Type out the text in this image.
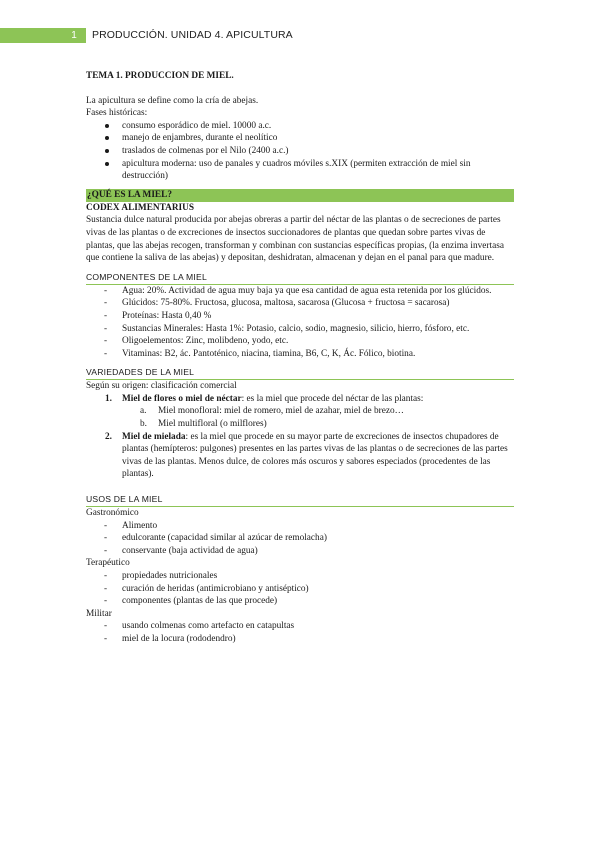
1	PRODUCCIÓN. UNIDAD 4. APICULTURA

TEMA 1. PRODUCCION DE MIEL.

La apicultura se define como la cría de abejas.

Fases históricas:

consumo esporádico de miel. 10000 a.c.
manejo de enjambres, durante el neolítico
traslados de colmenas por el Nilo (2400 a.c.)
apicultura moderna: uso de panales y cuadros móviles s.XIX (permiten extracción de miel sin destrucción)
¿QUÉ ES LA MIEL?

CODEX ALIMENTARIUS

Sustancia dulce natural producida por abejas obreras a partir del néctar de las plantas o de secreciones de partes vivas de las plantas o de excreciones de insectos succionadores de plantas que quedan sobre partes vivas de plantas, que las abejas recogen, transforman y combinan con sustancias específicas propias, (la enzima invertasa que contiene la saliva de las abejas) y depositan, deshidratan, almacenan y dejan en el panal para que madure.

COMPONENTES DE LA MIEL
- Agua: 20%. Actividad de agua muy baja ya que esa cantidad de agua esta retenida por los glúcidos.
- Glúcidos: 75-80%. Fructosa, glucosa, maltosa, sacarosa (Glucosa + fructosa = sacarosa)
- Proteínas: Hasta 0,40 %
- Sustancias Minerales: Hasta 1%: Potasio, calcio, sodio, magnesio, silicio, hierro, fósforo, etc.
- Oligoelementos: Zinc, molibdeno, yodo, etc.
- Vitaminas: B2, ác. Pantoténico, niacina, tiamina, B6, C, K, Ác. Fólico, biotina.
VARIEDADES DE LA MIEL

Según su origen: clasificación comercial

1. Miel de flores o miel de néctar: es la miel que procede del néctar de las plantas:
a. Miel monofloral: miel de romero, miel de azahar, miel de brezo…
b. Miel multifloral (o milflores)
2. Miel de mielada: es la miel que procede en su mayor parte de excreciones de insectos chupadores de plantas (hemípteros: pulgones) presentes en las partes vivas de las plantas o de secreciones de las partes vivas de las plantas. Menos dulce, de colores más oscuros y sabores especiados (procedentes de las plantas).
USOS DE LA MIEL

Gastronómico

- Alimento
- edulcorante (capacidad similar al azúcar de remolacha)
- conservante (baja actividad de agua)

Terapéutico

- propiedades nutricionales
- curación de heridas (antimicrobiano y antiséptico)
- componentes (plantas de las que procede)

Militar

- usando colmenas como artefacto en catapultas
- miel de la locura (rododendro)
